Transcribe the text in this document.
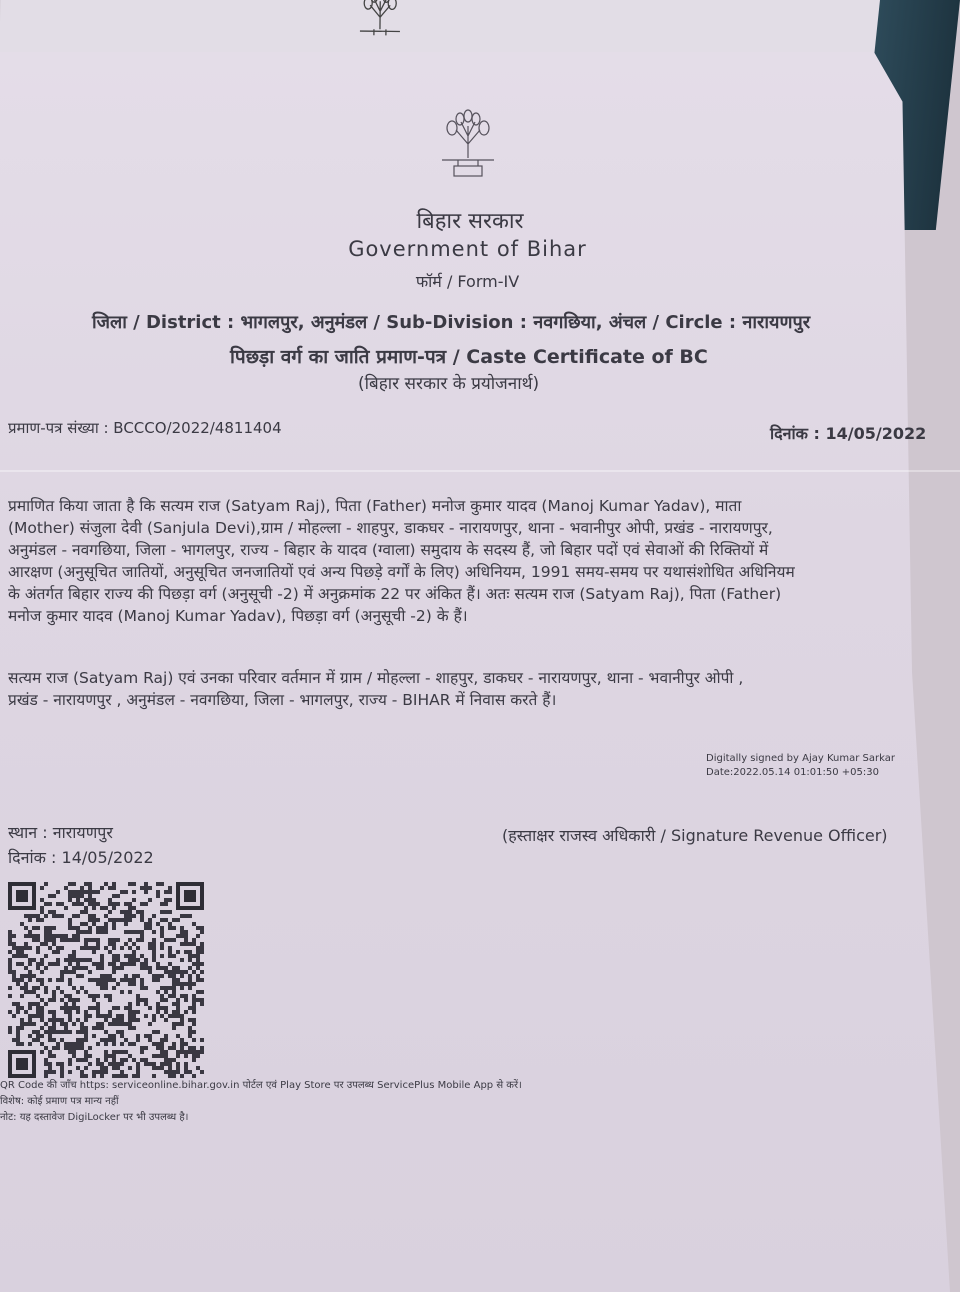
बिहार सरकार
Government of Bihar
फॉर्म / Form-IV
जिला / District : भागलपुर, अनुमंडल / Sub-Division : नवगछिया, अंचल / Circle : नारायणपुर
पिछड़ा वर्ग का जाति प्रमाण-पत्र / Caste Certificate of BC
(बिहार सरकार के प्रयोजनार्थ)
प्रमाण-पत्र संख्या : BCCCO/2022/4811404	दिनांक : 14/05/2022
प्रमाणित किया जाता है कि सत्यम राज (Satyam Raj), पिता (Father) मनोज कुमार यादव (Manoj Kumar Yadav), माता
(Mother) संजुला देवी (Sanjula Devi),ग्राम / मोहल्ला - शाहपुर, डाकघर - नारायणपुर, थाना - भवानीपुर ओपी, प्रखंड - नारायणपुर,
अनुमंडल - नवगछिया, जिला - भागलपुर, राज्य - बिहार के यादव (ग्वाला) समुदाय के सदस्य हैं, जो बिहार पदों एवं सेवाओं की रिक्तियों में
आरक्षण (अनुसूचित जातियों, अनुसूचित जनजातियों एवं अन्य पिछड़े वर्गों के लिए) अधिनियम, 1991 समय-समय पर यथासंशोधित अधिनियम
के अंतर्गत बिहार राज्य की पिछड़ा वर्ग (अनुसूची -2) में अनुक्रमांक 22 पर अंकित हैं। अतः सत्यम राज (Satyam Raj), पिता (Father)
मनोज कुमार यादव (Manoj Kumar Yadav), पिछड़ा वर्ग (अनुसूची -2) के हैं।
सत्यम राज (Satyam Raj) एवं उनका परिवार वर्तमान में ग्राम / मोहल्ला - शाहपुर, डाकघर - नारायणपुर, थाना - भवानीपुर ओपी ,
प्रखंड - नारायणपुर , अनुमंडल - नवगछिया, जिला - भागलपुर, राज्य - BIHAR में निवास करते हैं।
Digitally signed by Ajay Kumar Sarkar
Date:2022.05.14 01:01:50 +05:30
स्थान : नारायणपुर
दिनांक : 14/05/2022
(हस्ताक्षर राजस्व अधिकारी / Signature Revenue Officer)
QR Code की जाँच https: serviceonline.bihar.gov.in पोर्टल एवं Play Store पर उपलब्ध ServicePlus Mobile App से करें।
विशेष: कोई प्रमाण पत्र मान्य नहीं
नोट: यह दस्तावेज DigiLocker पर भी उपलब्ध है।
